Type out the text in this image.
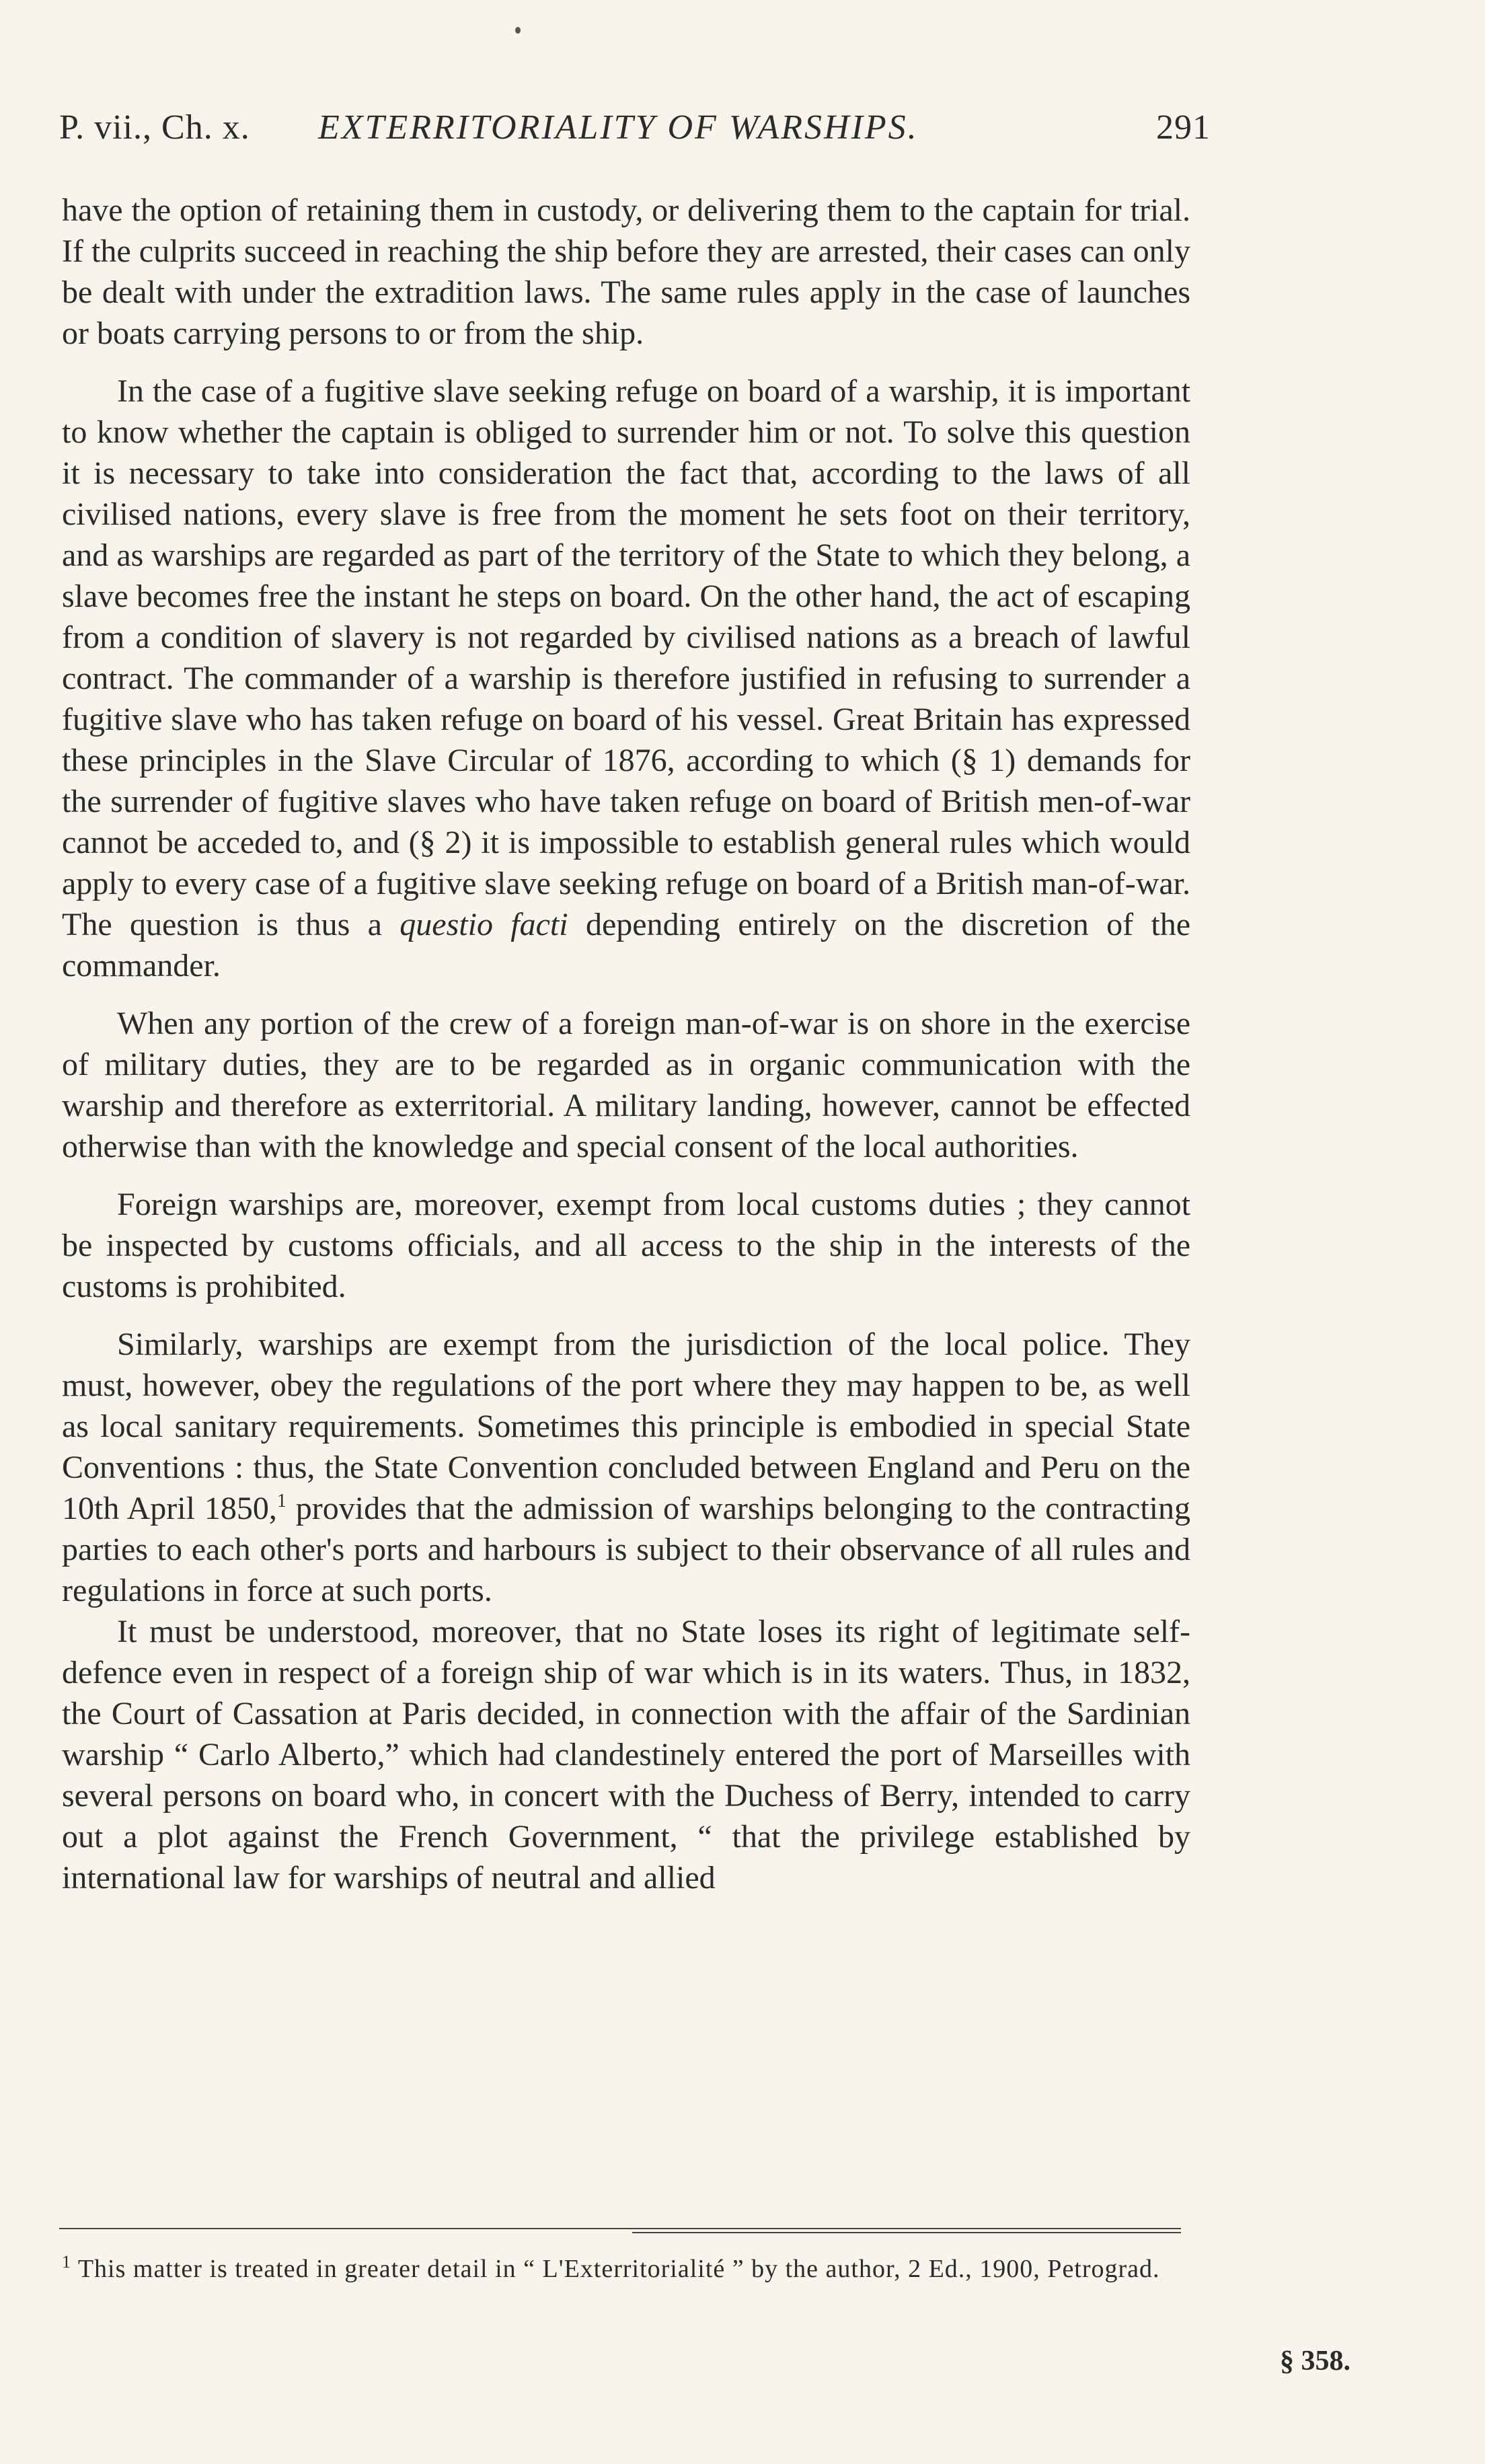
P. vii., Ch. x. EXTERRITORIALITY OF WARSHIPS.	291

have the option of retaining them in custody, or delivering them to the captain for trial. If the culprits succeed in reaching the ship before they are arrested, their cases can only be dealt with under the extradition laws. The same rules apply in the case of launches or boats carrying persons to or from the ship.

In the case of a fugitive slave seeking refuge on board of a warship, it is important to know whether the captain is obliged to surrender him or not. To solve this question it is necessary to take into consideration the fact that, according to the laws of all civilised nations, every slave is free from the moment he sets foot on their territory, and as warships are regarded as part of the territory of the State to which they belong, a slave becomes free the instant he steps on board. On the other hand, the act of escaping from a condition of slavery is not regarded by civilised nations as a breach of lawful contract. The commander of a warship is therefore justified in refusing to surrender a fugitive slave who has taken refuge on board of his vessel. Great Britain has expressed these principles in the Slave Circular of 1876, according to which (§ 1) demands for the surrender of fugitive slaves who have taken refuge on board of British men-of-war cannot be acceded to, and (§ 2) it is impossible to establish general rules which would apply to every case of a fugitive slave seeking refuge on board of a British man-of-war. The question is thus a questio facti depending entirely on the discretion of the commander.

When any portion of the crew of a foreign man-of-war is on shore in the exercise of military duties, they are to be regarded as in organic communication with the warship and therefore as exterritorial. A military landing, however, cannot be effected otherwise than with the knowledge and special consent of the local authorities.

Foreign warships are, moreover, exempt from local customs duties ; they cannot be inspected by customs officials, and all access to the ship in the interests of the customs is prohibited.

Similarly, warships are exempt from the jurisdiction of the local police. They must, however, obey the regulations of the port where they may happen to be, as well as local sanitary requirements. Sometimes this principle is embodied in special State Conventions : thus, the State Convention concluded between England and Peru on the 10th April 1850,$^1$ provides that the admission of warships belonging to the contracting parties to each other's ports and harbours is subject to their observance of all rules and regulations in force at such ports.

It must be understood, moreover, that no State loses its right of legitimate self-defence even in respect of a foreign ship of war which is in its waters. Thus, in 1832, the Court of Cassation at Paris decided, in connection with the affair of the Sardinian warship “ Carlo Alberto,” which had clandestinely entered the port of Marseilles with several persons on board who, in concert with the Duchess of Berry, intended to carry out a plot against the French Government, “ that the privilege established by international law for warships of neutral and allied

$^1$ This matter is treated in greater detail in “ L'Exterritorialité ” by the author, 2 Ed., 1900, Petrograd.
§ 358.
